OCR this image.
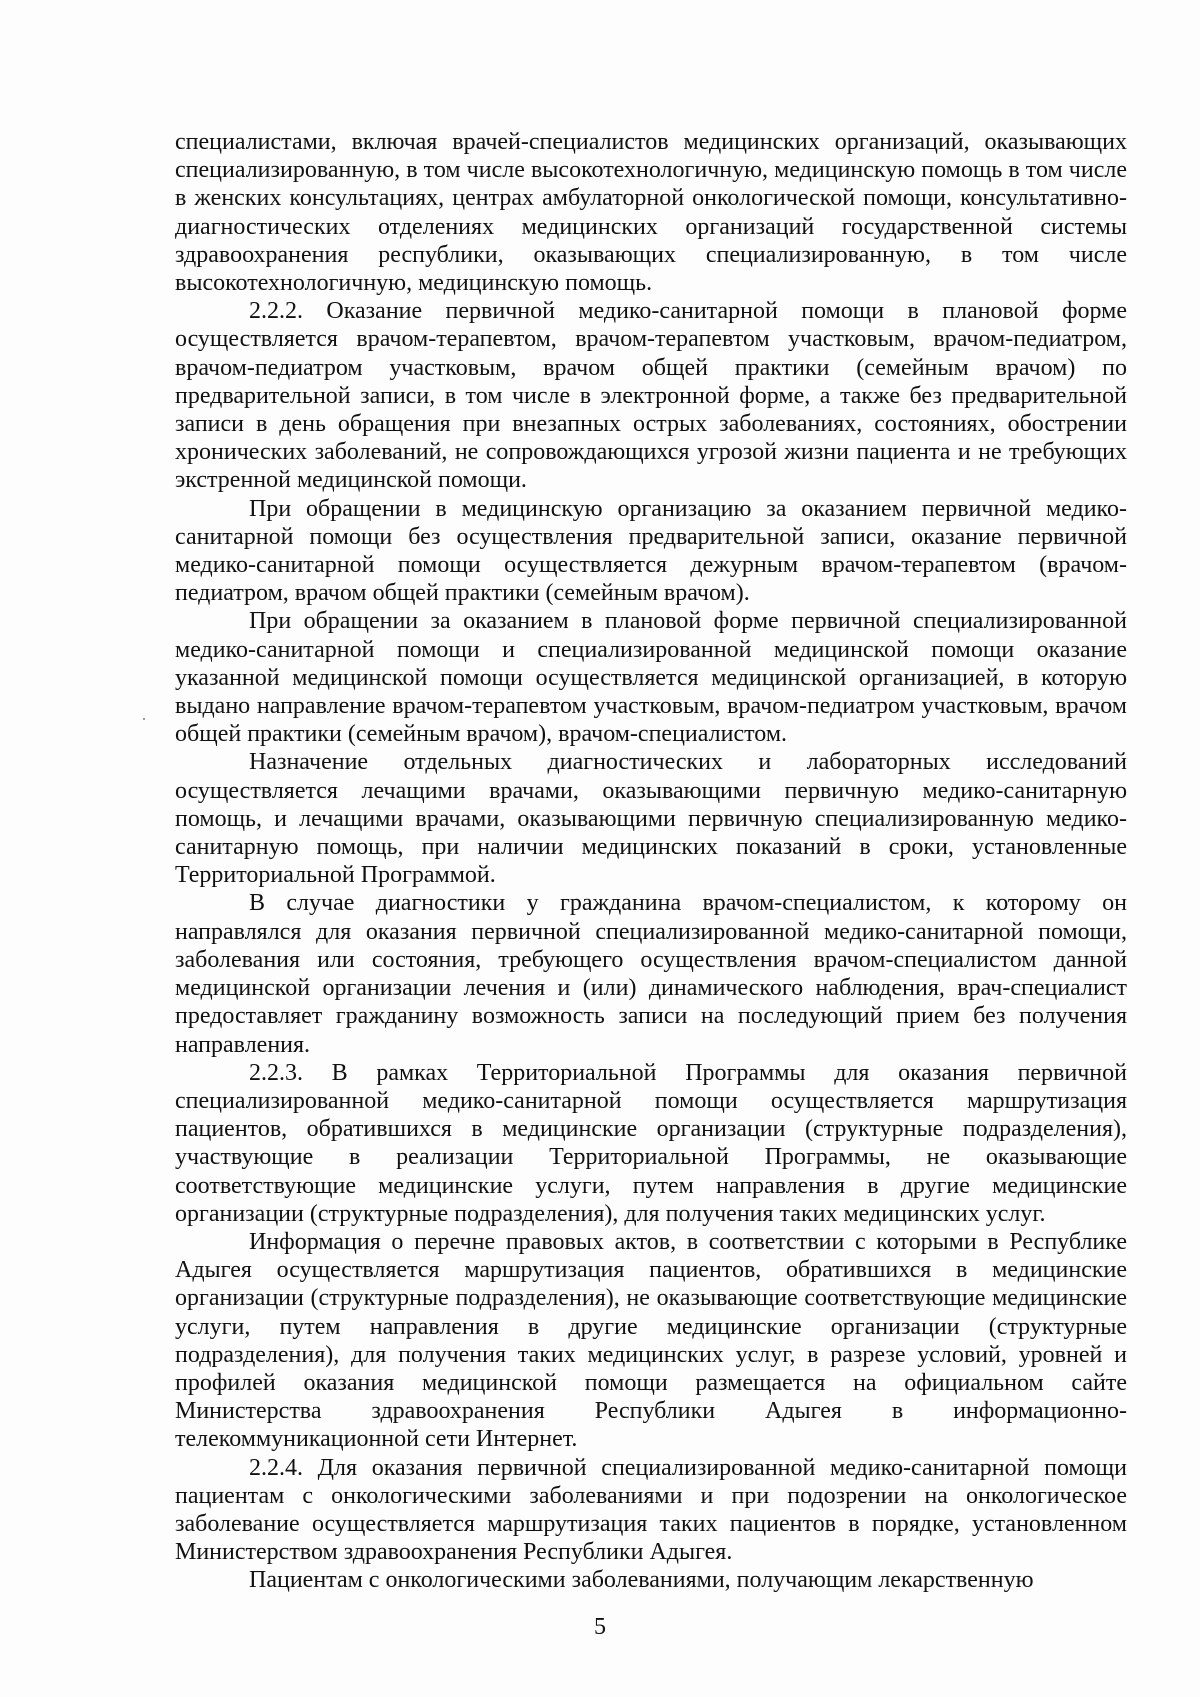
специалистами, включая врачей-специалистов медицинских организаций, оказывающих специализированную, в том числе высокотехнологичную, медицинскую помощь в том числе в женских консультациях, центрах амбулаторной онкологической помощи, консультативно-диагностических отделениях медицинских организаций государственной системы здравоохранения республики, оказывающих специализированную, в том числе высокотехнологичную, медицинскую помощь.

2.2.2. Оказание первичной медико-санитарной помощи в плановой форме осуществляется врачом-терапевтом, врачом-терапевтом участковым, врачом-педиатром, врачом-педиатром участковым, врачом общей практики (семейным врачом) по предварительной записи, в том числе в электронной форме, а также без предварительной записи в день обращения при внезапных острых заболеваниях, состояниях, обострении хронических заболеваний, не сопровождающихся угрозой жизни пациента и не требующих экстренной медицинской помощи.

При обращении в медицинскую организацию за оказанием первичной медико-санитарной помощи без осуществления предварительной записи, оказание первичной медико-санитарной помощи осуществляется дежурным врачом-терапевтом (врачом-педиатром, врачом общей практики (семейным врачом).

При обращении за оказанием в плановой форме первичной специализированной медико-санитарной помощи и специализированной медицинской помощи оказание указанной медицинской помощи осуществляется медицинской организацией, в которую выдано направление врачом-терапевтом участковым, врачом-педиатром участковым, врачом общей практики (семейным врачом), врачом-специалистом.

Назначение отдельных диагностических и лабораторных исследований осуществляется лечащими врачами, оказывающими первичную медико-санитарную помощь, и лечащими врачами, оказывающими первичную специализированную медико-санитарную помощь, при наличии медицинских показаний в сроки, установленные Территориальной Программой.

В случае диагностики у гражданина врачом-специалистом, к которому он направлялся для оказания первичной специализированной медико-санитарной помощи, заболевания или состояния, требующего осуществления врачом-специалистом данной медицинской организации лечения и (или) динамического наблюдения, врач-специалист предоставляет гражданину возможность записи на последующий прием без получения направления.

2.2.3. В рамках Территориальной Программы для оказания первичной специализированной медико-санитарной помощи осуществляется маршрутизация пациентов, обратившихся в медицинские организации (структурные подразделения), участвующие в реализации Территориальной Программы, не оказывающие соответствующие медицинские услуги, путем направления в другие медицинские организации (структурные подразделения), для получения таких медицинских услуг.

Информация о перечне правовых актов, в соответствии с которыми в Республике Адыгея осуществляется маршрутизация пациентов, обратившихся в медицинские организации (структурные подразделения), не оказывающие соответствующие медицинские услуги, путем направления в другие медицинские организации (структурные подразделения), для получения таких медицинских услуг, в разрезе условий, уровней и профилей оказания медицинской помощи размещается на официальном сайте Министерства здравоохранения Республики Адыгея в информационно-телекоммуникационной сети Интернет.

2.2.4. Для оказания первичной специализированной медико-санитарной помощи пациентам с онкологическими заболеваниями и при подозрении на онкологическое заболевание осуществляется маршрутизация таких пациентов в порядке, установленном Министерством здравоохранения Республики Адыгея.

Пациентам с онкологическими заболеваниями, получающим лекарственную

5
